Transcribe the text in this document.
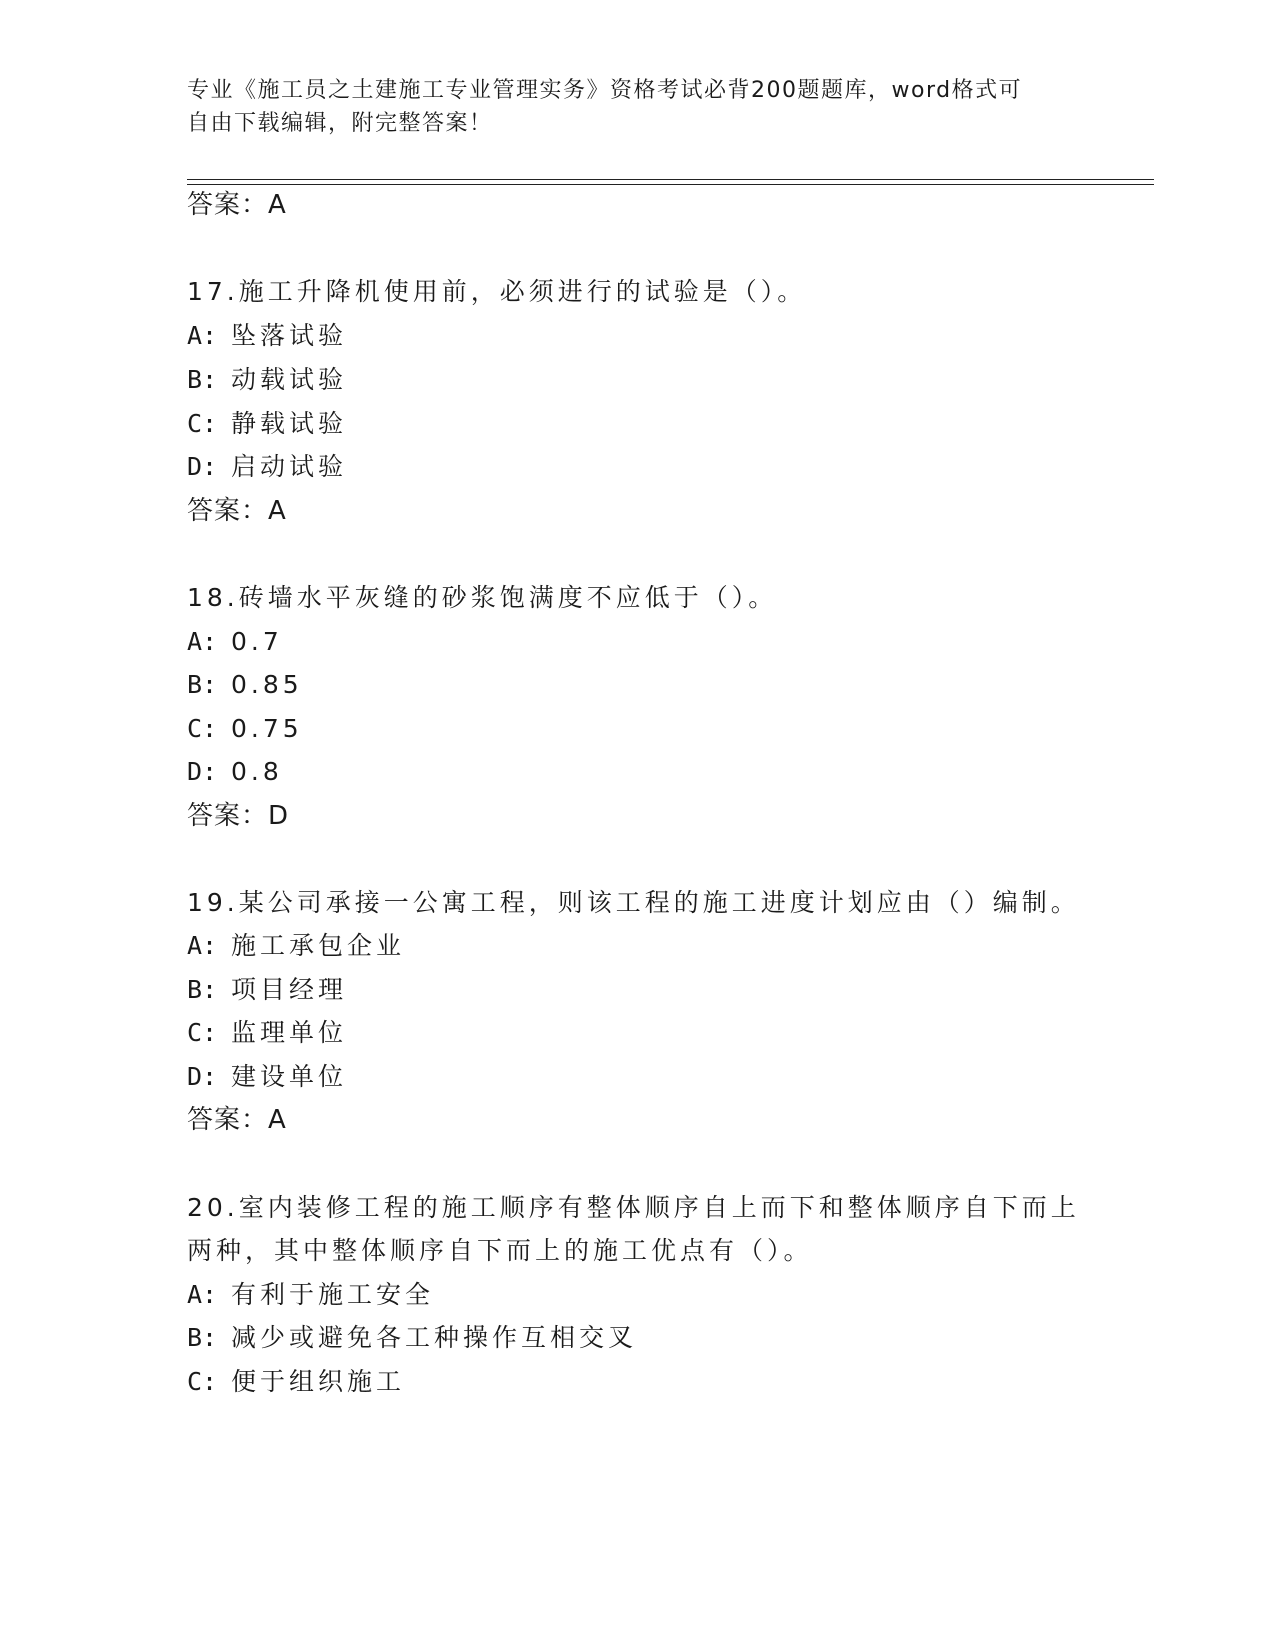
专业《施工员之土建施工专业管理实务》资格考试必背200题题库，word格式可
自由下载编辑，附完整答案！
答案：A
17.施工升降机使用前，必须进行的试验是（）。
A: 坠落试验
B: 动载试验
C: 静载试验
D: 启动试验
答案：A
18.砖墙水平灰缝的砂浆饱满度不应低于（）。
A: 0.7
B: 0.85
C: 0.75
D: 0.8
答案：D
19.某公司承接一公寓工程，则该工程的施工进度计划应由（）编制。
A: 施工承包企业
B: 项目经理
C: 监理单位
D: 建设单位
答案：A
20.室内装修工程的施工顺序有整体顺序自上而下和整体顺序自下而上
两种，其中整体顺序自下而上的施工优点有（）。
A: 有利于施工安全
B: 减少或避免各工种操作互相交叉
C: 便于组织施工
